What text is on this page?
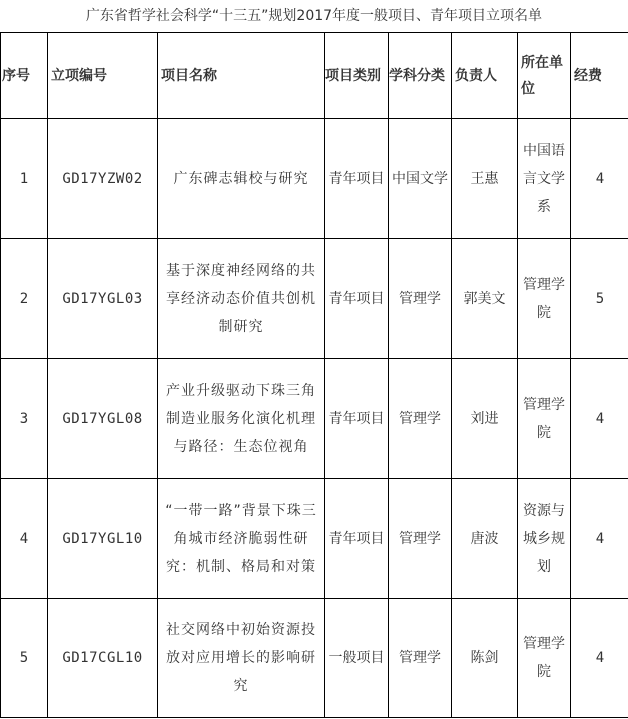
广东省哲学社会科学“十三五”规划2017年度一般项目、青年项目立项名单
序号	立项编号	项目名称	项目类别	学科分类	负责人	所在单位	经费
1	GD17YZW02	广东碑志辑校与研究	青年项目	中国文学	王惠	中国语言文学系	4
2	GD17YGL03	基于深度神经网络的共享经济动态价值共创机制研究	青年项目	管理学	郭美文	管理学院	5
3	GD17YGL08	产业升级驱动下珠三角制造业服务化演化机理与路径：生态位视角	青年项目	管理学	刘进	管理学院	4
4	GD17YGL10	“一带一路”背景下珠三角城市经济脆弱性研究：机制、格局和对策	青年项目	管理学	唐波	资源与城乡规划	4
5	GD17CGL10	社交网络中初始资源投放对应用增长的影响研究	一般项目	管理学	陈剑	管理学院	4
